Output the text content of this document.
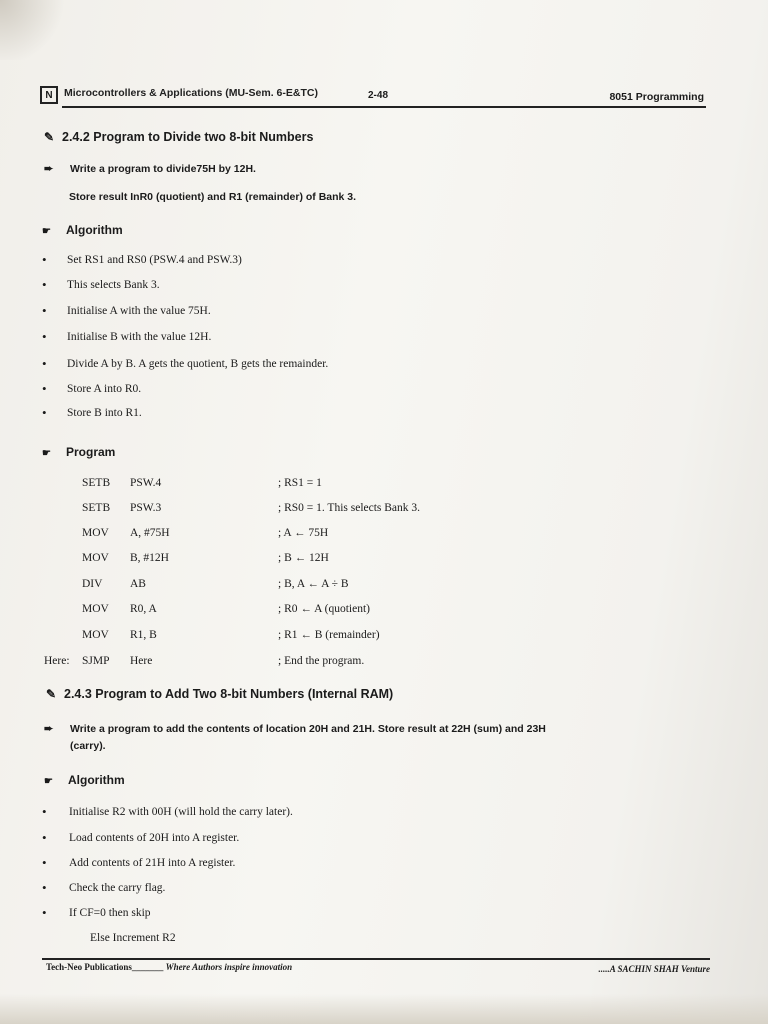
N Microcontrollers & Applications (MU-Sem. 6-E&TC)	2-48	8051 Programming
✎ 2.4.2 Program to Divide two 8-bit Numbers
➨ Write a program to divide75H by 12H.
Store result InR0 (quotient) and R1 (remainder) of Bank 3.
☛ Algorithm
• Set RS1 and RS0 (PSW.4 and PSW.3)
• This selects Bank 3.
• Initialise A with the value 75H.
• Initialise B with the value 12H.
• Divide A by B. A gets the quotient, B gets the remainder.
• Store A into R0.
• Store B into R1.
☛ Program
SETB	PSW.4	; RS1 = 1
SETB	PSW.3	; RS0 = 1. This selects Bank 3.
MOV	A, #75H	; A ← 75H
MOV	B, #12H	; B ← 12H
DIV	AB	; B, A ← A ÷ B
MOV	R0, A	; R0 ← A (quotient)
MOV	R1, B	; R1 ← B (remainder)
Here: SJMP	Here	; End the program.
✎ 2.4.3 Program to Add Two 8-bit Numbers (Internal RAM)
➨ Write a program to add the contents of location 20H and 21H. Store result at 22H (sum) and 23H
(carry).
☛ Algorithm
• Initialise R2 with 00H (will hold the carry later).
• Load contents of 20H into A register.
• Add contents of 21H into A register.
• Check the carry flag.
• If CF=0 then skip
Else Increment R2
Tech-Neo Publications_______ Where Authors inspire innovation	.....A SACHIN SHAH Venture
